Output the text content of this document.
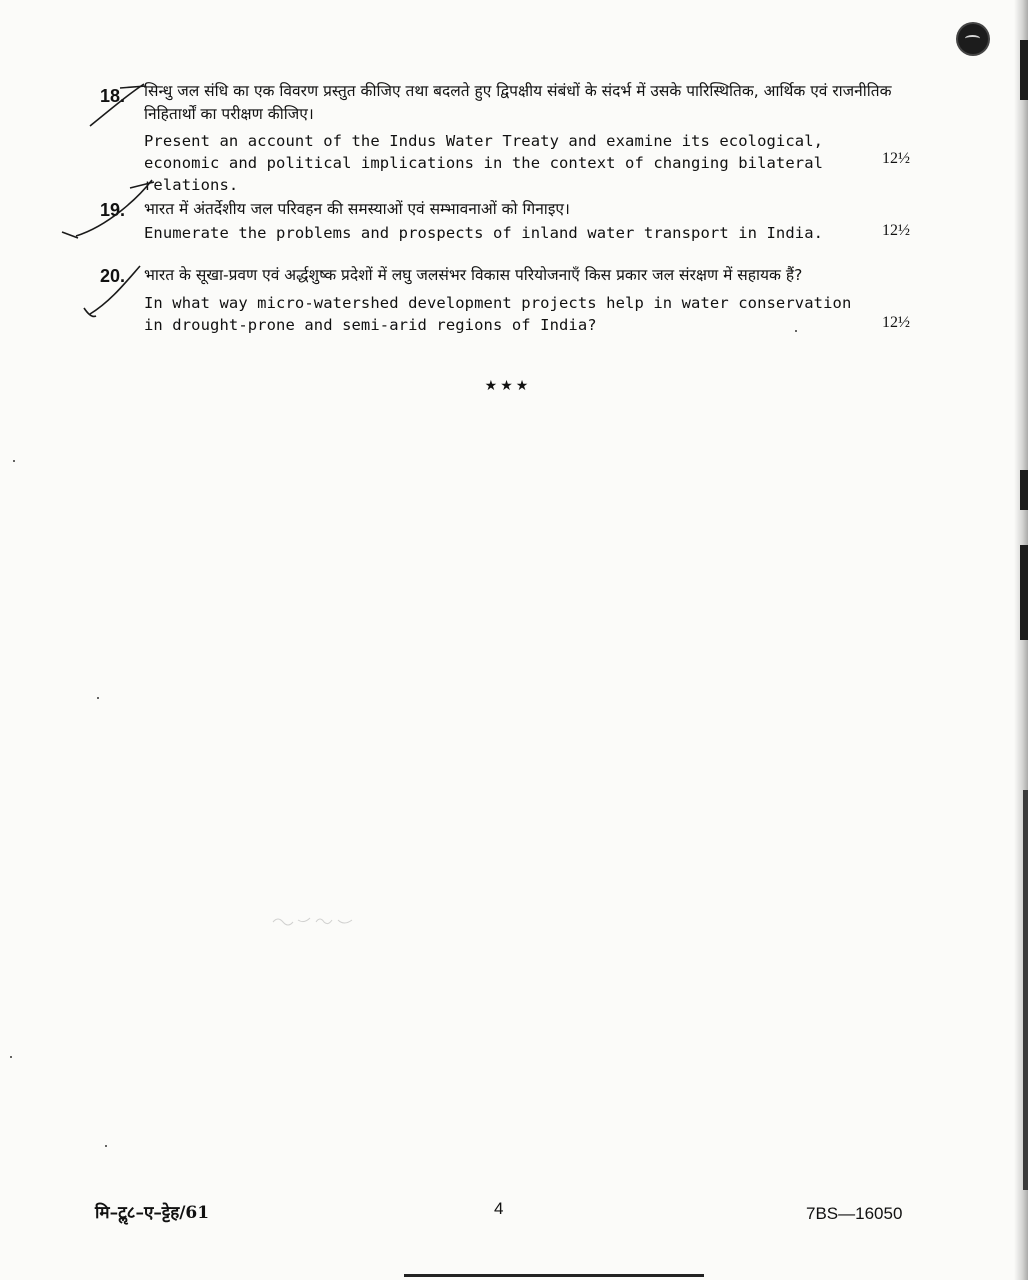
18. सिन्धु जल संधि का एक विवरण प्रस्तुत कीजिए तथा बदलते हुए द्विपक्षीय संबंधों के संदर्भ में उसके पारिस्थितिक, आर्थिक एवं राजनीतिक निहितार्थों का परीक्षण कीजिए।
Present an account of the Indus Water Treaty and examine its ecological, economic and political implications in the context of changing bilateral relations.
12½
19. भारत में अंतर्देशीय जल परिवहन की समस्याओं एवं सम्भावनाओं को गिनाइए।
Enumerate the problems and prospects of inland water transport in India.	12½
20. भारत के सूखा-प्रवण एवं अर्द्धशुष्क प्रदेशों में लघु जलसंभर विकास परियोजनाएँ किस प्रकार जल संरक्षण में सहायक हैं?
In what way micro-watershed development projects help in water conservation in drought-prone and semi-arid regions of India?	12½
★★★
मि–टॢ८–ए–ट्टेह/61	4	7BS—16050
